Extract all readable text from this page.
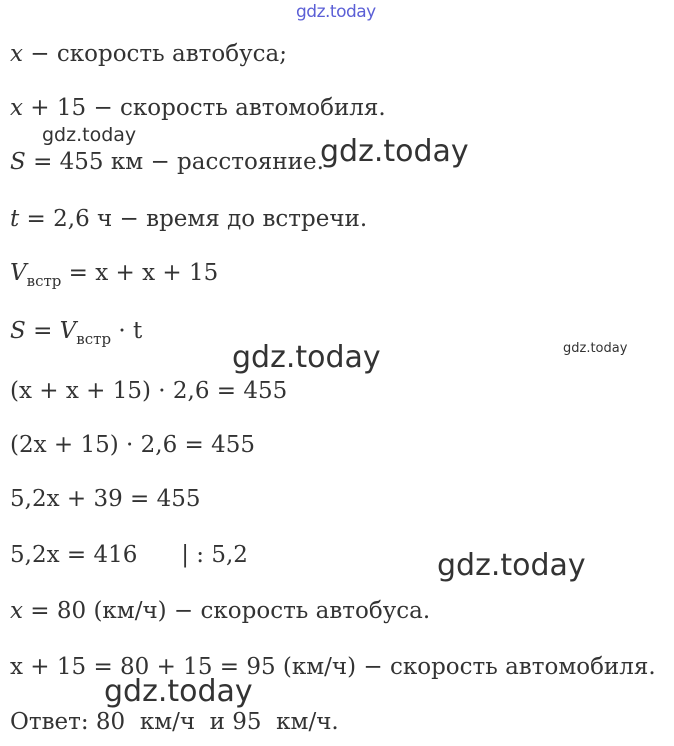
gdz.today
x − скорость автобуса;
x + 15 − скорость автомобиля.
gdz.today	gdz.today
S = 455 км − расстояние.
t = 2,6 ч − время до встречи.
$V_{встр} = x + x + 15$
$S = V_{встр} \cdot t$
gdz.today	gdz.today
(x + x + 15) · 2,6 = 455
(2x + 15) · 2,6 = 455
5,2x + 39 = 455
5,2x = 416      | : 5,2	gdz.today
x = 80 (км/ч) − скорость автобуса.
x + 15 = 80 + 15 = 95 (км/ч) − скорость автомобиля.
gdz.today
Ответ: 80  км/ч  и 95  км/ч.
